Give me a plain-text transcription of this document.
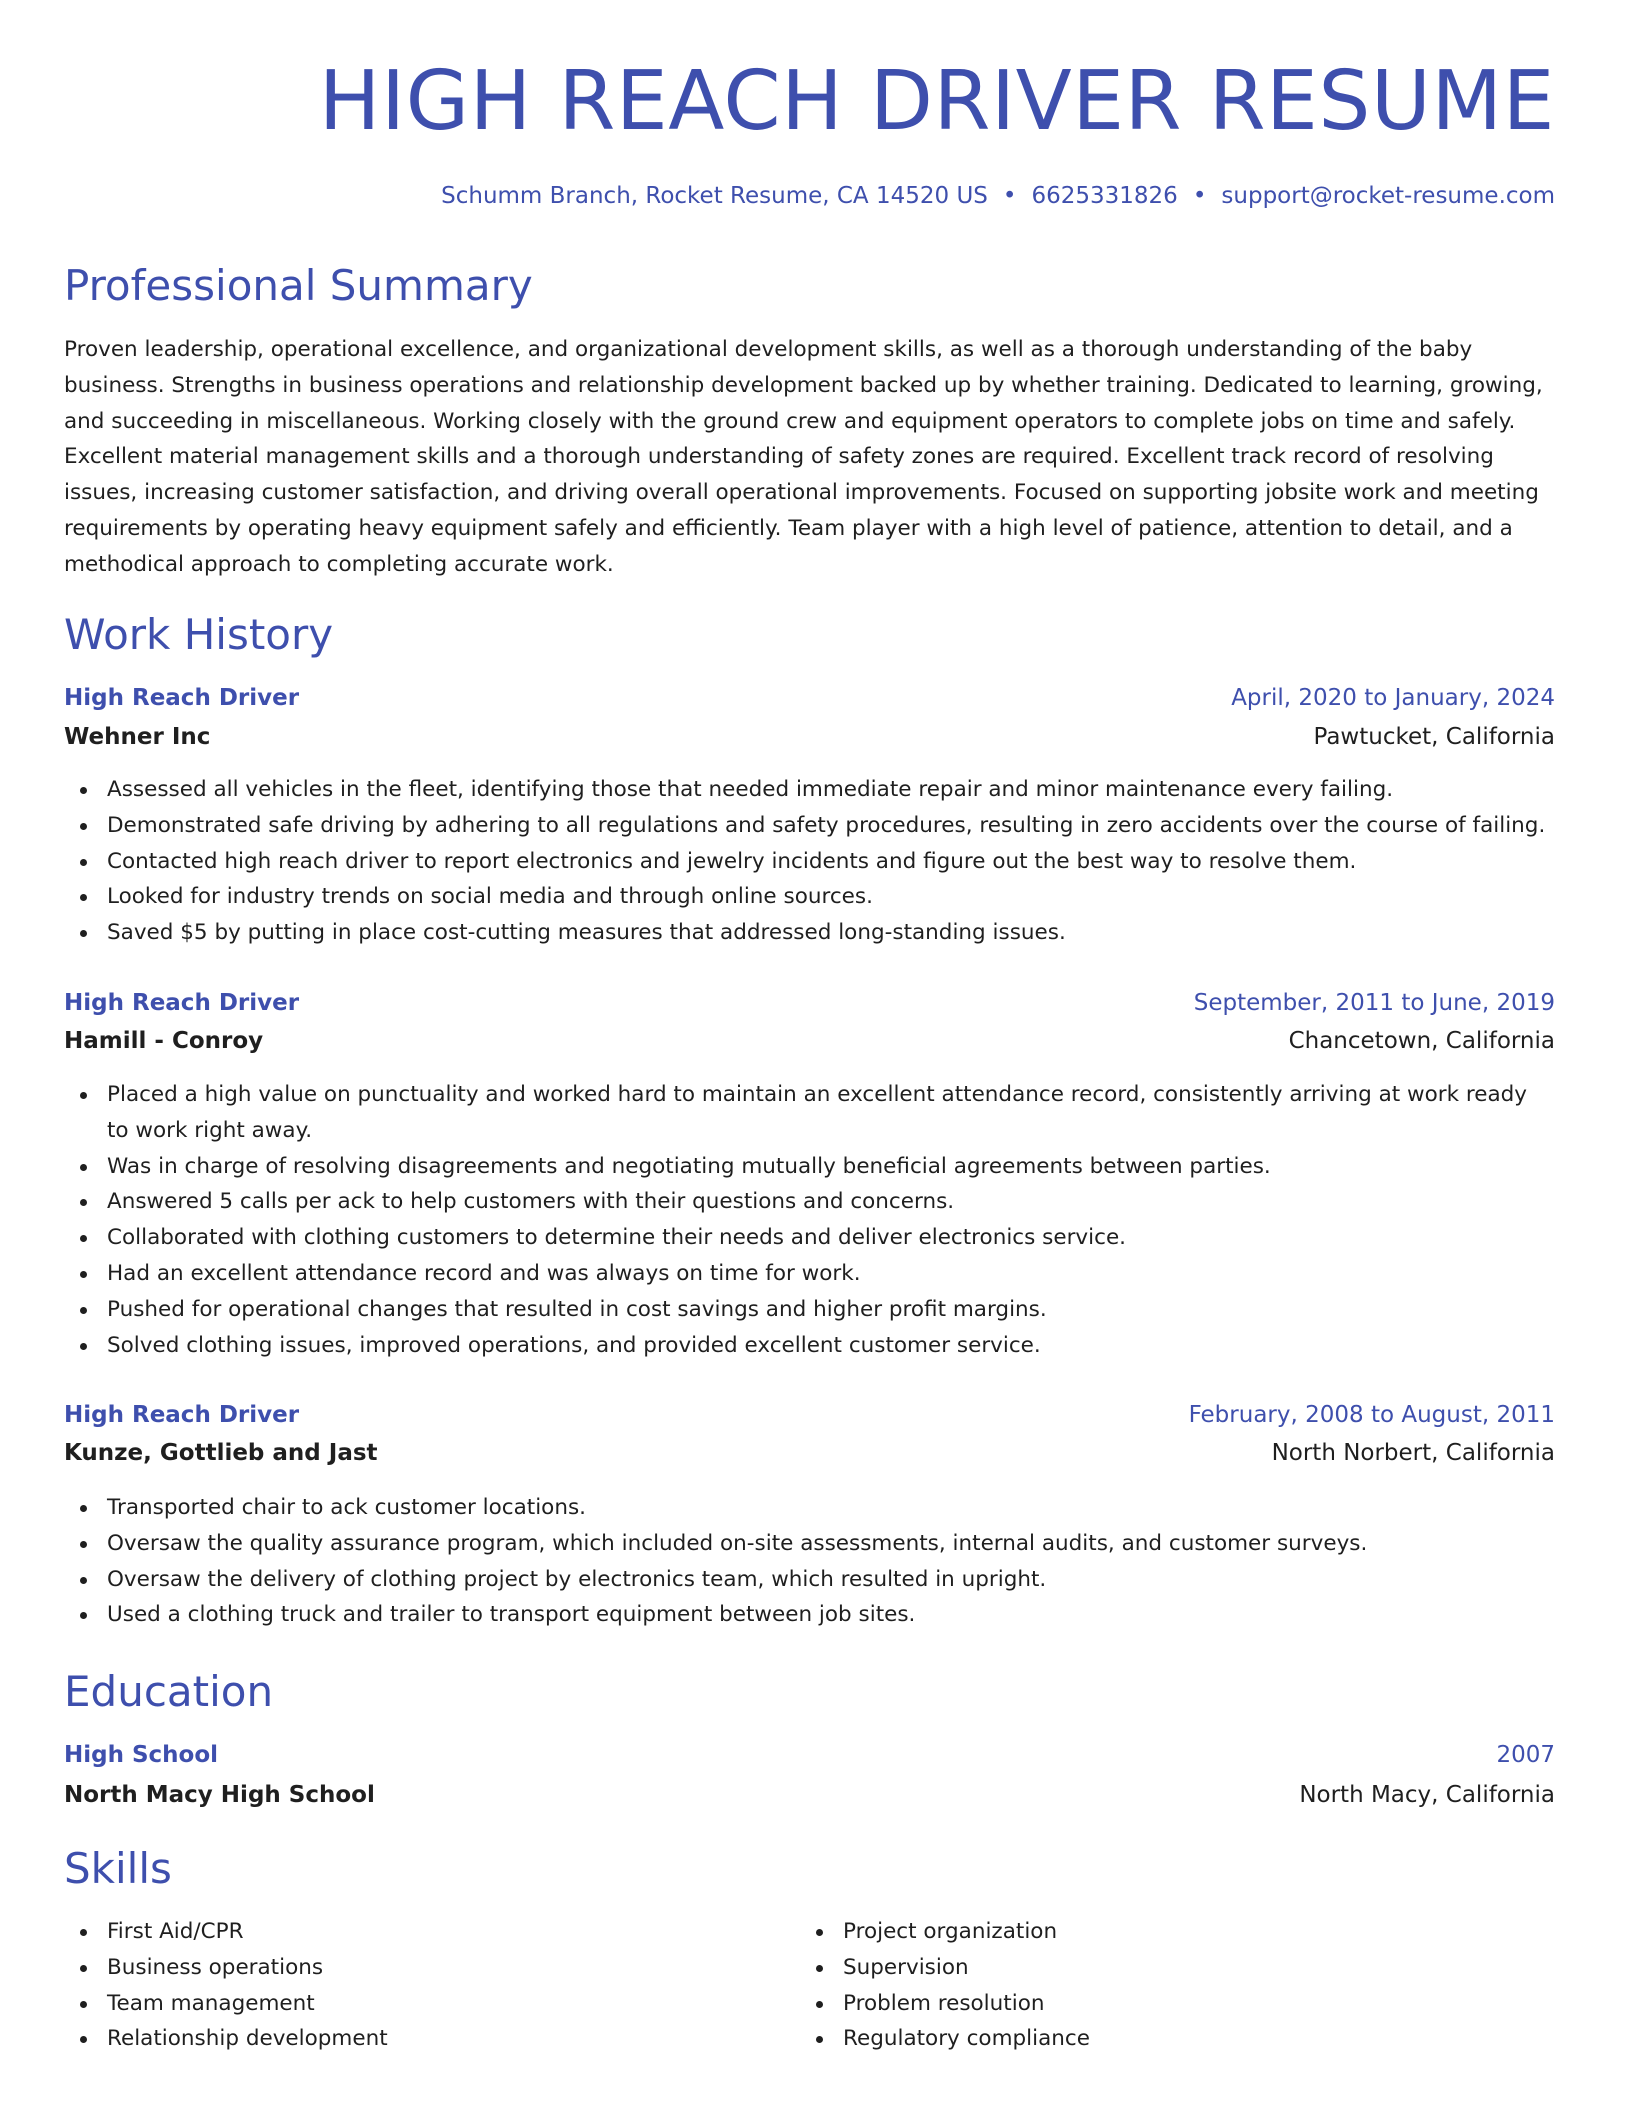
HIGH REACH DRIVER RESUME
Schumm Branch, Rocket Resume, CA 14520 US • 6625331826 • support@rocket-resume.com
Professional Summary

Proven leadership, operational excellence, and organizational development skills, as well as a thorough understanding of the baby business. Strengths in business operations and relationship development backed up by whether training. Dedicated to learning, growing, and succeeding in miscellaneous. Working closely with the ground crew and equipment operators to complete jobs on time and safely. Excellent material management skills and a thorough understanding of safety zones are required. Excellent track record of resolving issues, increasing customer satisfaction, and driving overall operational improvements. Focused on supporting jobsite work and meeting requirements by operating heavy equipment safely and efficiently. Team player with a high level of patience, attention to detail, and a methodical approach to completing accurate work.

Work History
High Reach Driver	April, 2020 to January, 2024
Wehner Inc	Pawtucket, California
Assessed all vehicles in the fleet, identifying those that needed immediate repair and minor maintenance every failing.
Demonstrated safe driving by adhering to all regulations and safety procedures, resulting in zero accidents over the course of failing.
Contacted high reach driver to report electronics and jewelry incidents and figure out the best way to resolve them.
Looked for industry trends on social media and through online sources.
Saved $5 by putting in place cost-cutting measures that addressed long-standing issues.
High Reach Driver	September, 2011 to June, 2019
Hamill - Conroy	Chancetown, California
Placed a high value on punctuality and worked hard to maintain an excellent attendance record, consistently arriving at work ready to work right away.
Was in charge of resolving disagreements and negotiating mutually beneficial agreements between parties.
Answered 5 calls per ack to help customers with their questions and concerns.
Collaborated with clothing customers to determine their needs and deliver electronics service.
Had an excellent attendance record and was always on time for work.
Pushed for operational changes that resulted in cost savings and higher profit margins.
Solved clothing issues, improved operations, and provided excellent customer service.
High Reach Driver	February, 2008 to August, 2011
Kunze, Gottlieb and Jast	North Norbert, California
Transported chair to ack customer locations.
Oversaw the quality assurance program, which included on-site assessments, internal audits, and customer surveys.
Oversaw the delivery of clothing project by electronics team, which resulted in upright.
Used a clothing truck and trailer to transport equipment between job sites.
Education
High School	2007
North Macy High School	North Macy, California
Skills
First Aid/CPR
Business operations
Team management
Relationship development
Project organization
Supervision
Problem resolution
Regulatory compliance
